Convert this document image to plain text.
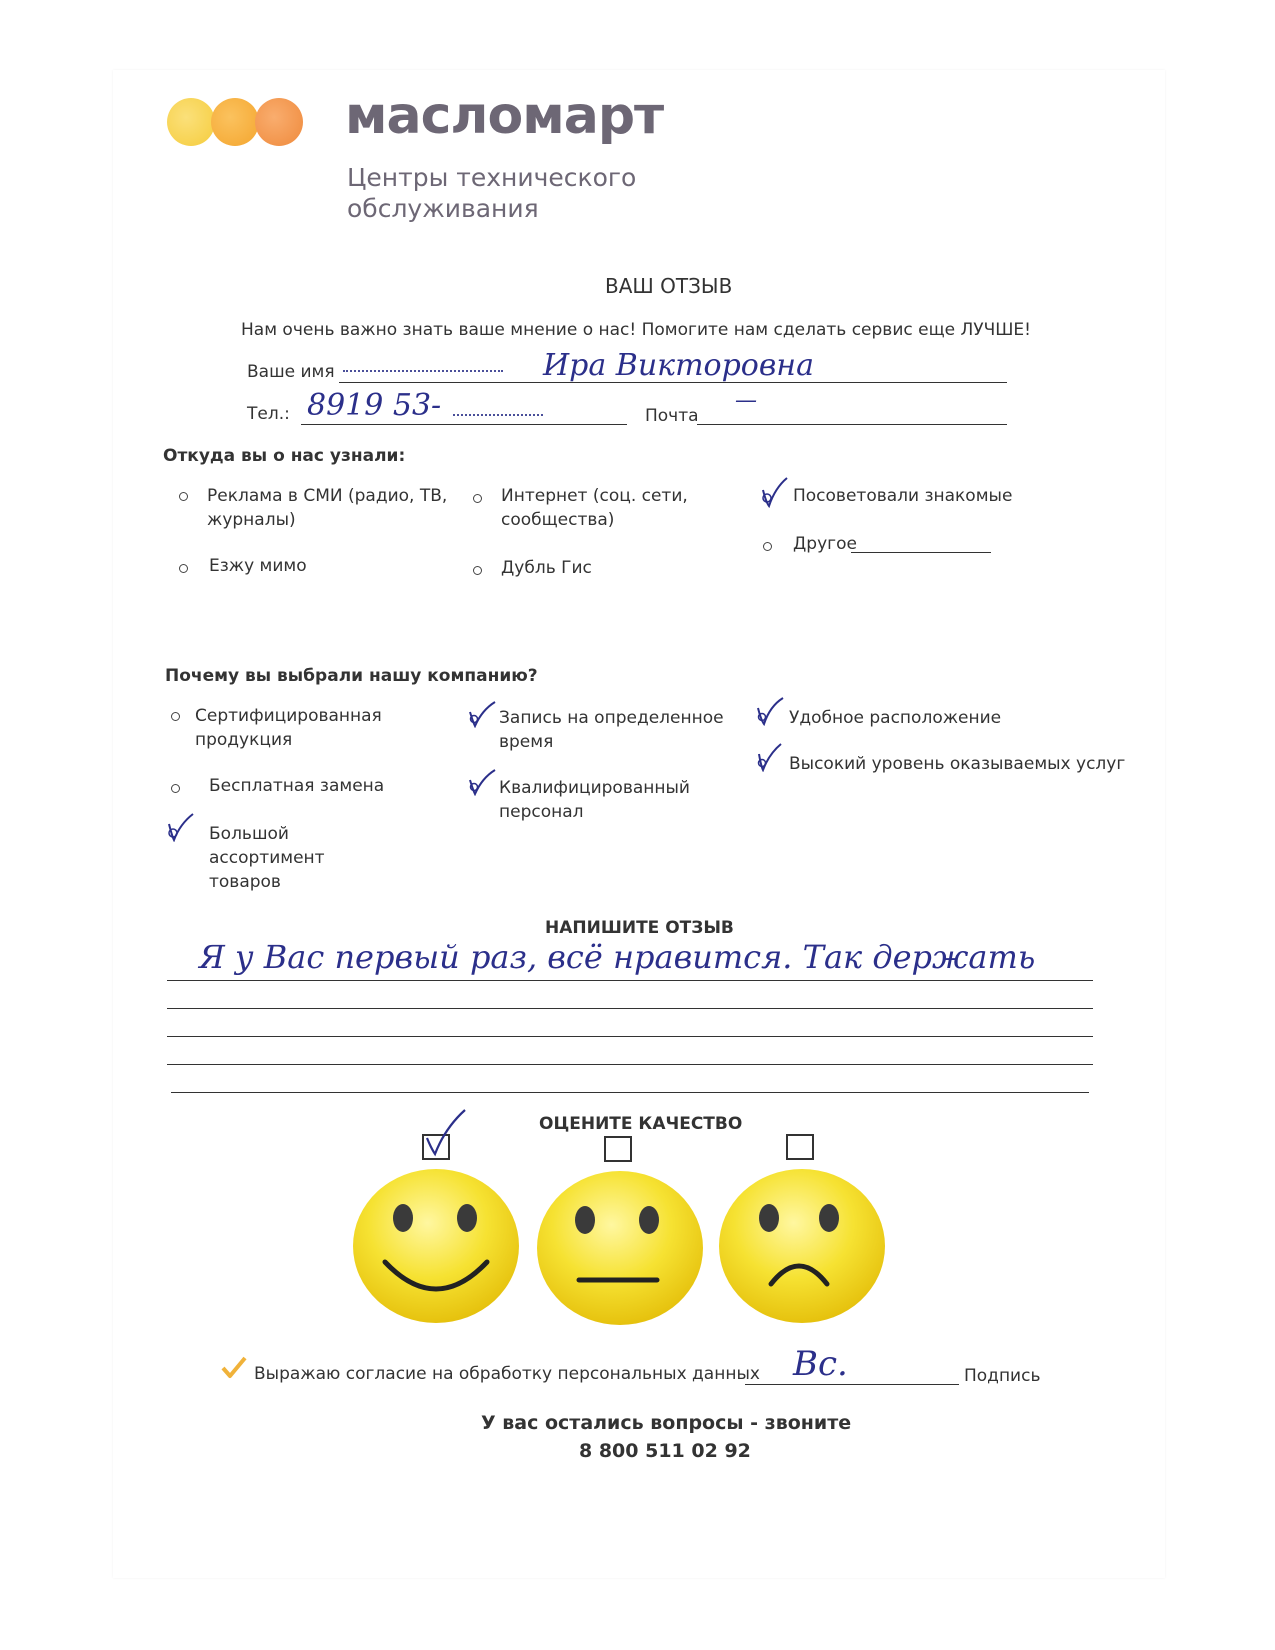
масломарт
Центры технического
обслуживания
ВАШ ОТЗЫВ
Нам очень важно знать ваше мнение о нас! Помогите нам сделать сервис еще ЛУЧШЕ!
Ваше имя	Ира Викторовна
Тел.: 8919 53-	Почта
—
Откуда вы о нас узнали:
Реклама в СМИ (радио, ТВ,
журналы)
Интернет (соц. сети,
сообщества)
Посоветовали знакомые
Езжу мимо	Дубль Гис
Другое
Почему вы выбрали нашу компанию?
Сертифицированная
продукция
Запись на определенное
время
Удобное расположение
Высокий уровень оказываемых услуг
Бесплатная замена	Квалифицированный
персонал
Большой
ассортимент
товаров
НАПИШИТЕ ОТЗЫВ
Я у Вас первый раз, всё нравится. Так держать
ОЦЕНИТЕ КАЧЕСТВО
Выражаю согласие на обработку персональных данных Вс.	Подпись
У вас остались вопросы - звоните
8 800 511 02 92
